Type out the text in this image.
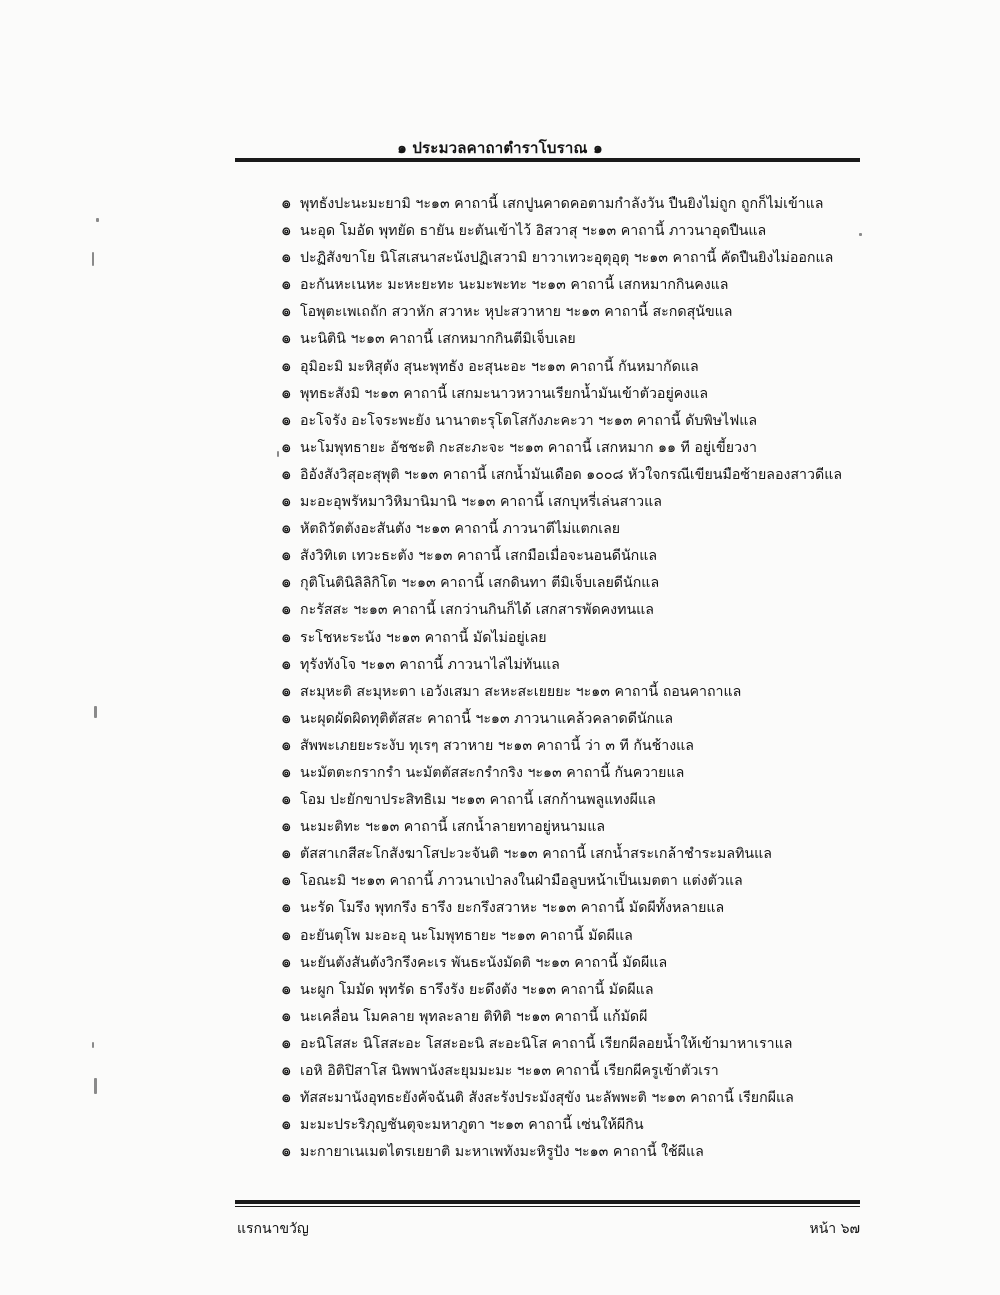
๑ ประมวลคาถาตำราโบราณ ๑
๏ พุทธังปะนะมะยามิ ฯะ๑๓ คาถานี้ เสกปูนคาดคอตามกำลังวัน ปืนยิงไม่ถูก ถูกก็ไม่เข้าแล
๏ นะอุด โมอัด พุทยัด ธายัน ยะตันเข้าไว้ อิสวาสุ ฯะ๑๓ คาถานี้ ภาวนาอุดปืนแล
๏ ปะฏิสังขาโย นิโสเสนาสะนังปฏิเสวามิ ยาวาเทวะอุตุอุตุ ฯะ๑๓ คาถานี้ คัดปืนยิงไม่ออกแล
๏ อะกันหะเนหะ มะหะยะทะ นะมะพะทะ ฯะ๑๓ คาถานี้ เสกหมากกินคงแล
๏ โอพุตะเพเถถัก สวาหัก สวาหะ หุปะสวาหาย ฯะ๑๓ คาถานี้ สะกดสุนัขแล
๏ นะนิตินิ ฯะ๑๓ คาถานี้ เสกหมากกินตีมิเจ็บเลย
๏ อุมิอะมิ มะหิสุตัง สุนะพุทธัง อะสุนะอะ ฯะ๑๓ คาถานี้ กันหมากัดแล
๏ พุทธะสังมิ ฯะ๑๓ คาถานี้ เสกมะนาวหวานเรียกน้ำมันเข้าตัวอยู่คงแล
๏ อะโจรัง อะโจระพะยัง นานาตะรุโตโสกังภะคะวา ฯะ๑๓ คาถานี้ ดับพิษไฟแล
๏ นะโมพุทธายะ อัชชะติ กะสะภะจะ ฯะ๑๓ คาถานี้ เสกหมาก ๑๑ ที อยู่เขี้ยวงา
๏ อิอังสังวิสุอะสุพุติ ฯะ๑๓ คาถานี้ เสกน้ำมันเดือด ๑๐๐๘ หัวใจกรณีเขียนมือซ้ายลองสาวดีแล
๏ มะอะอุพรัหมาวิหิมานิมานิ ฯะ๑๓ คาถานี้ เสกบุหรี่เล่นสาวแล
๏ หัตถิวัตตังอะสันตัง ฯะ๑๓ คาถานี้ ภาวนาตีไม่แตกเลย
๏ สังวิทิเต เทวะธะตัง ฯะ๑๓ คาถานี้ เสกมือเมื่อจะนอนดีนักแล
๏ กุติโนตินิลิลิกิโต ฯะ๑๓ คาถานี้ เสกดินทา ตีมิเจ็บเลยดีนักแล
๏ กะรัสสะ ฯะ๑๓ คาถานี้ เสกว่านกินก็ได้ เสกสารพัดคงทนแล
๏ ระโชหะระนัง ฯะ๑๓ คาถานี้ มัดไม่อยู่เลย
๏ ทุรังทังโจ ฯะ๑๓ คาถานี้ ภาวนาไล่ไม่ทันแล
๏ สะมุหะติ สะมุหะตา เอวังเสมา สะหะสะเยยยะ ฯะ๑๓ คาถานี้ ถอนคาถาแล
๏ นะผุดผัดผิดทุติตัสสะ คาถานี้ ฯะ๑๓ ภาวนาแคล้วคลาดดีนักแล
๏ สัพพะเภยยะระงับ ทุเรๆ สวาหาย ฯะ๑๓ คาถานี้ ว่า ๓ ที กันช้างแล
๏ นะมัตตะกรากรำ นะมัตตัสสะกรำกริง ฯะ๑๓ คาถานี้ กันควายแล
๏ โอม ปะยักขาประสิทธิเม ฯะ๑๓ คาถานี้ เสกก้านพลูแทงผีแล
๏ นะมะติทะ ฯะ๑๓ คาถานี้ เสกน้ำลายทาอยู่หนามแล
๏ ตัสสาเกสีสะโกสังฆาโสปะวะจันติ ฯะ๑๓ คาถานี้ เสกน้ำสระเกล้าชำระมลทินแล
๏ โอณะมิ ฯะ๑๓ คาถานี้ ภาวนาเป่าลงในฝ่ามือลูบหน้าเป็นเมตตา แต่งตัวแล
๏ นะรัด โมรึง พุทกรึง ธารึง ยะกรึงสวาหะ ฯะ๑๓ คาถานี้ มัดผีทั้งหลายแล
๏ อะยันตุโพ มะอะอุ นะโมพุทธายะ ฯะ๑๓ คาถานี้ มัดผีแล
๏ นะยันตังสันตังวิกรึงคะเร พันธะนังมัดติ ฯะ๑๓ คาถานี้ มัดผีแล
๏ นะผูก โมมัด พุทรัด ธารึงรัง ยะดึงตัง ฯะ๑๓ คาถานี้ มัดผีแล
๏ นะเคลื่อน โมคลาย พุทละลาย ติทิติ ฯะ๑๓ คาถานี้ แก้มัดผี
๏ อะนิโสสะ นิโสสะอะ โสสะอะนิ สะอะนิโส คาถานี้ เรียกผีลอยน้ำให้เข้ามาหาเราแล
๏ เอหิ อิติปิสาโส นิพพานังสะยุมมะมะ ฯะ๑๓ คาถานี้ เรียกผีครูเข้าตัวเรา
๏ ทัสสะมานังอุทธะยังคัจฉันติ สังสะรังประมังสุขัง นะลัพพะติ ฯะ๑๓ คาถานี้ เรียกผีแล
๏ มะมะประริภุญชันตุจะมหาภูตา ฯะ๑๓ คาถานี้ เซ่นให้ผีกิน
๏ มะกายาเนเมตไตรเยยาติ มะหาเพทังมะหิรูปัง ฯะ๑๓ คาถานี้ ใช้ผีแล
แรกนาขวัญ	หน้า ๖๗
